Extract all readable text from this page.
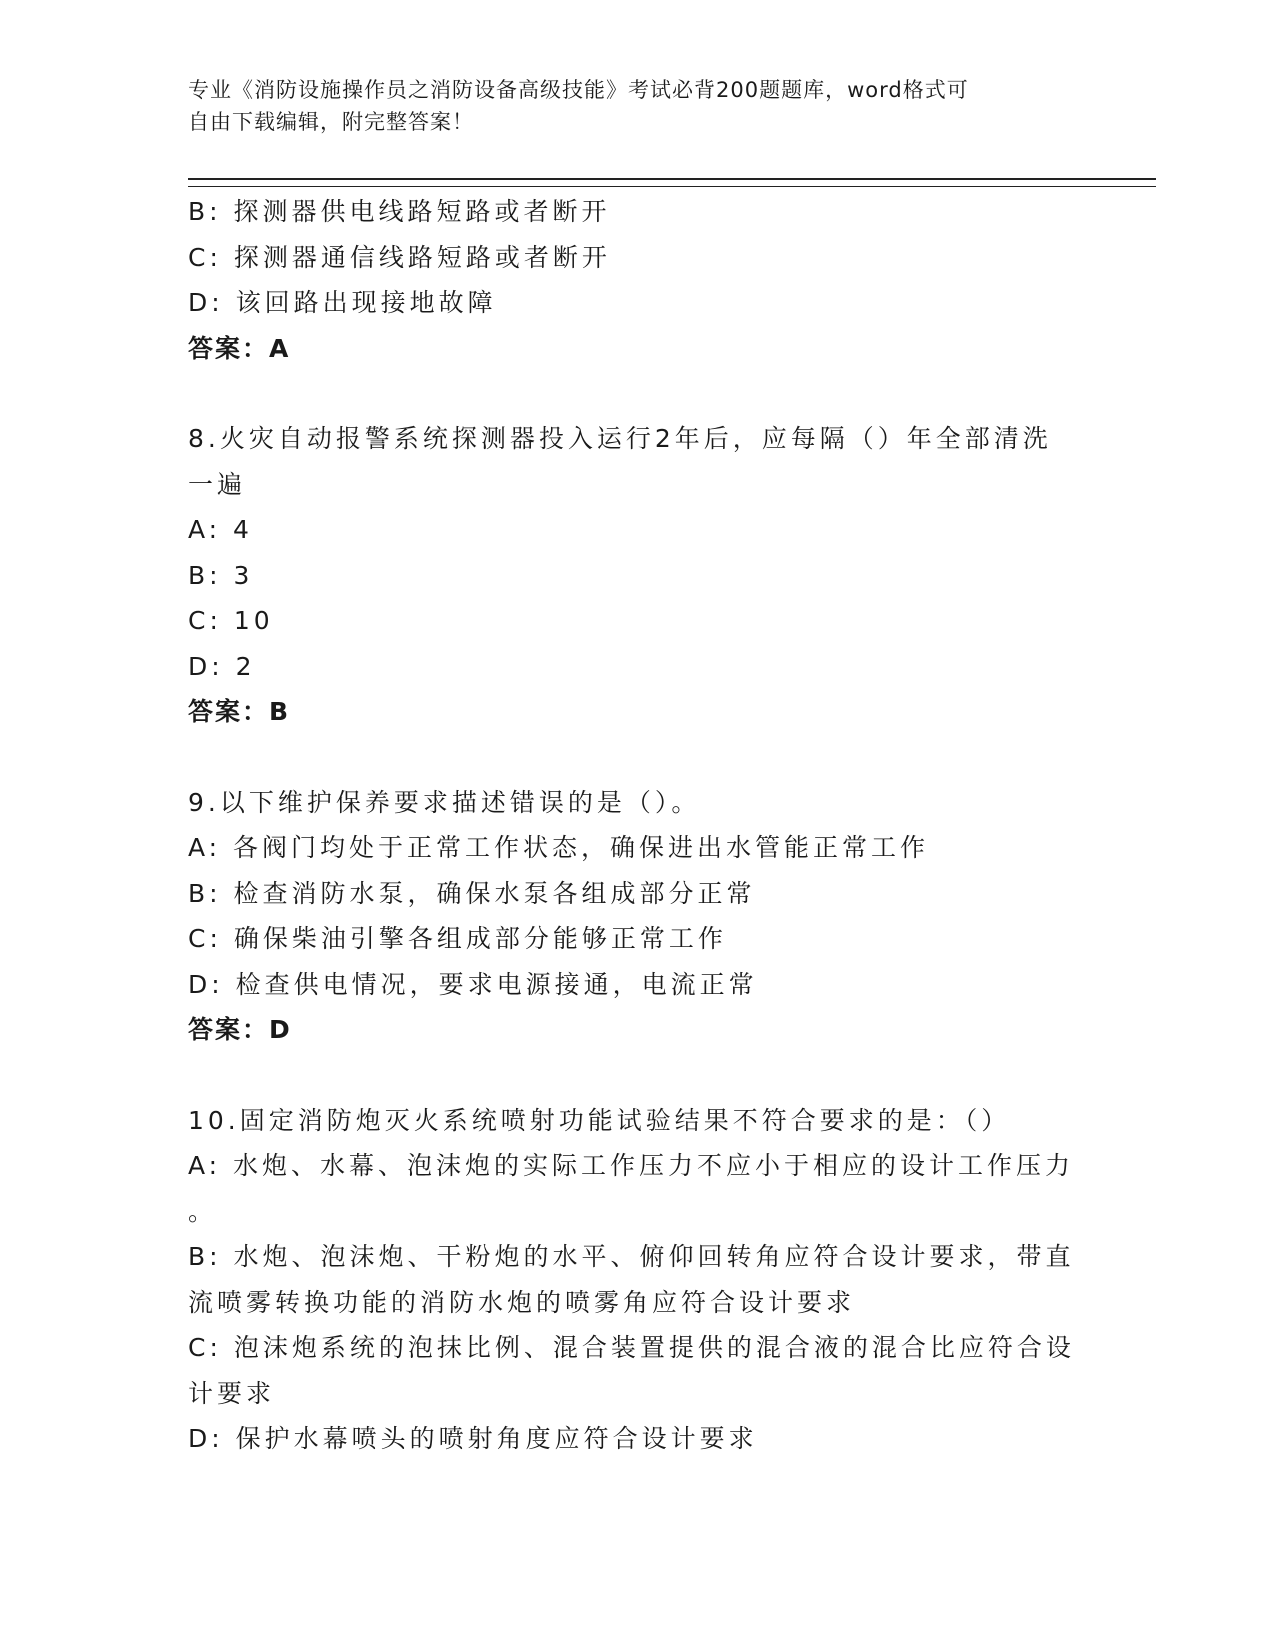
专业《消防设施操作员之消防设备高级技能》考试必背200题题库，word格式可
自由下载编辑，附完整答案！
B: 探测器供电线路短路或者断开
C: 探测器通信线路短路或者断开
D: 该回路出现接地故障
答案：A
8.火灾自动报警系统探测器投入运行2年后，应每隔（）年全部清洗
一遍
A: 4
B: 3
C: 10
D: 2
答案：B
9.以下维护保养要求描述错误的是（）。
A: 各阀门均处于正常工作状态，确保进出水管能正常工作
B: 检查消防水泵，确保水泵各组成部分正常
C: 确保柴油引擎各组成部分能够正常工作
D: 检查供电情况，要求电源接通，电流正常
答案：D
10.固定消防炮灭火系统喷射功能试验结果不符合要求的是：（）
A: 水炮、水幕、泡沫炮的实际工作压力不应小于相应的设计工作压力
。
B: 水炮、泡沫炮、干粉炮的水平、俯仰回转角应符合设计要求，带直
流喷雾转换功能的消防水炮的喷雾角应符合设计要求
C: 泡沫炮系统的泡抹比例、混合装置提供的混合液的混合比应符合设
计要求
D: 保护水幕喷头的喷射角度应符合设计要求
